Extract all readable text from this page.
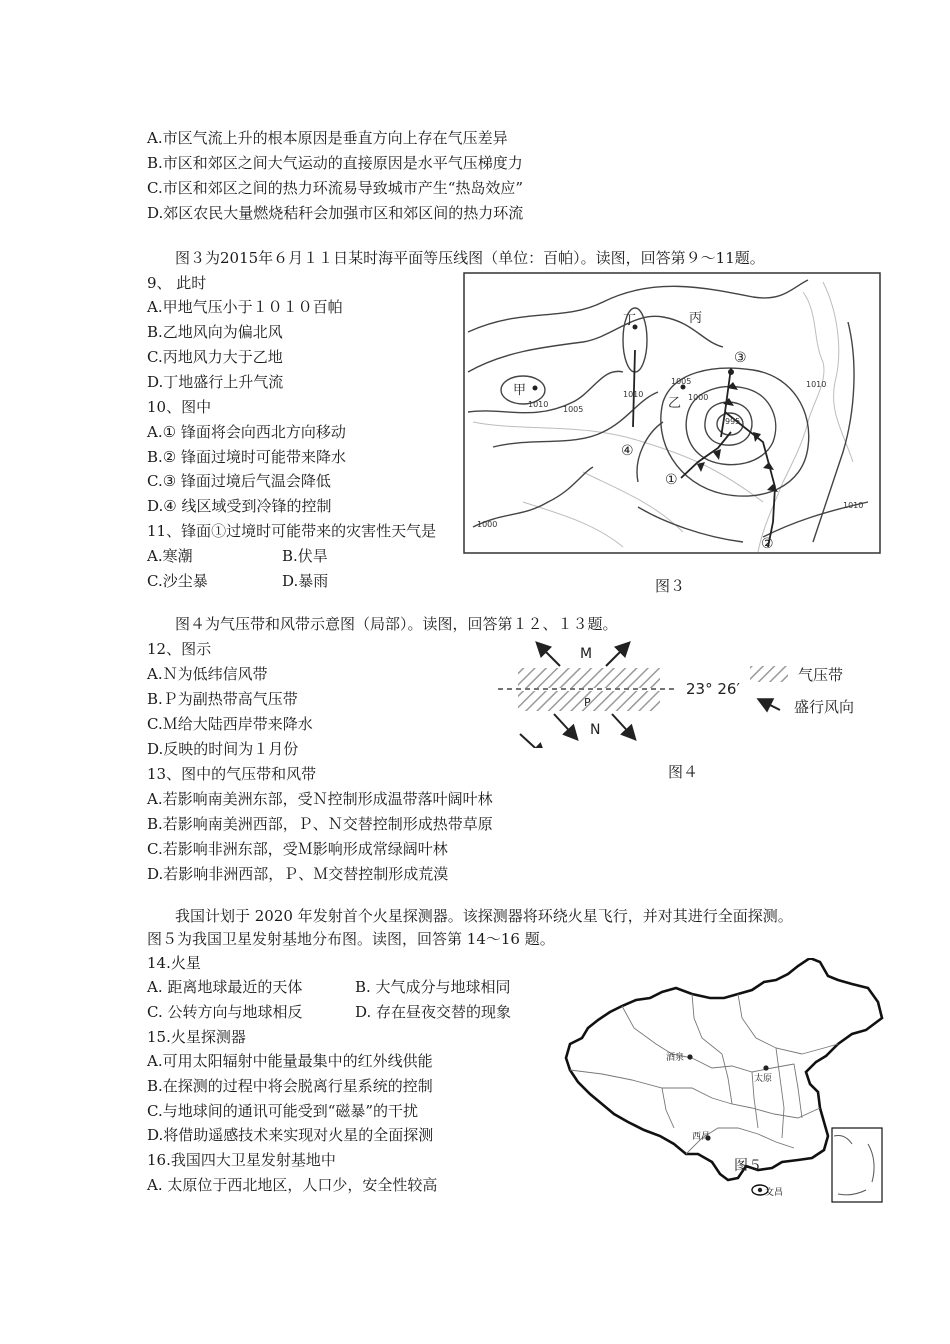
A.市区气流上升的根本原因是垂直方向上存在气压差异
B.市区和郊区之间大气运动的直接原因是水平气压梯度力
C.市区和郊区之间的热力环流易导致城市产生“热岛效应”
D.郊区农民大量燃烧秸秆会加强市区和郊区间的热力环流
图３为2015年６月１１日某时海平面等压线图（单位：百帕）。读图，回答第９～11题。
9、 此时
A.甲地气压小于１０１０百帕
B.乙地风向为偏北风
C.丙地风力大于乙地
D.丁地盛行上升气流
10、图中
A.① 锋面将会向西北方向移动
B.② 锋面过境时可能带来降水
C.③ 锋面过境后气温会降低
D.④ 线区域受到冷锋的控制
11、锋面①过境时可能带来的灾害性天气是
A.寒潮	B.伏旱
C.沙尘暴	D.暴雨
丁	丙
甲
乙
1010
1005
1010
1005
1000
995
1010
1000
1010
①
②
③
④
图３
图４为气压带和风带示意图（局部）。读图，回答第１２、１３题。
12、图示
A.Ｎ为低纬信风带
B.Ｐ为副热带高气压带
C.Ｍ给大陆西岸带来降水
D.反映的时间为１月份
13、图中的气压带和风带
A.若影响南美洲东部，受Ｎ控制形成温带落叶阔叶林
B.若影响南美洲西部，Ｐ、Ｎ交替控制形成热带草原
C.若影响非洲东部，受Ｍ影响形成常绿阔叶林
D.若影响非洲西部，Ｐ、Ｍ交替控制形成荒漠
M
P
N
23° 26′
气压带
盛行风向
图４
我国计划于 2020 年发射首个火星探测器。该探测器将环绕火星飞行，并对其进行全面探测。
图５为我国卫星发射基地分布图。读图，回答第 14～16 题。
14.火星
A. 距离地球最近的天体	B. 大气成分与地球相同
C. 公转方向与地球相反	D. 存在昼夜交替的现象
15.火星探测器
A.可用太阳辐射中能量最集中的红外线供能
B.在探测的过程中将会脱离行星系统的控制
C.与地球间的通讯可能受到“磁暴”的干扰
D.将借助遥感技术来实现对火星的全面探测
16.我国四大卫星发射基地中
A. 太原位于西北地区，人口少，安全性较高
酒泉
太原
西昌
文昌
图５
